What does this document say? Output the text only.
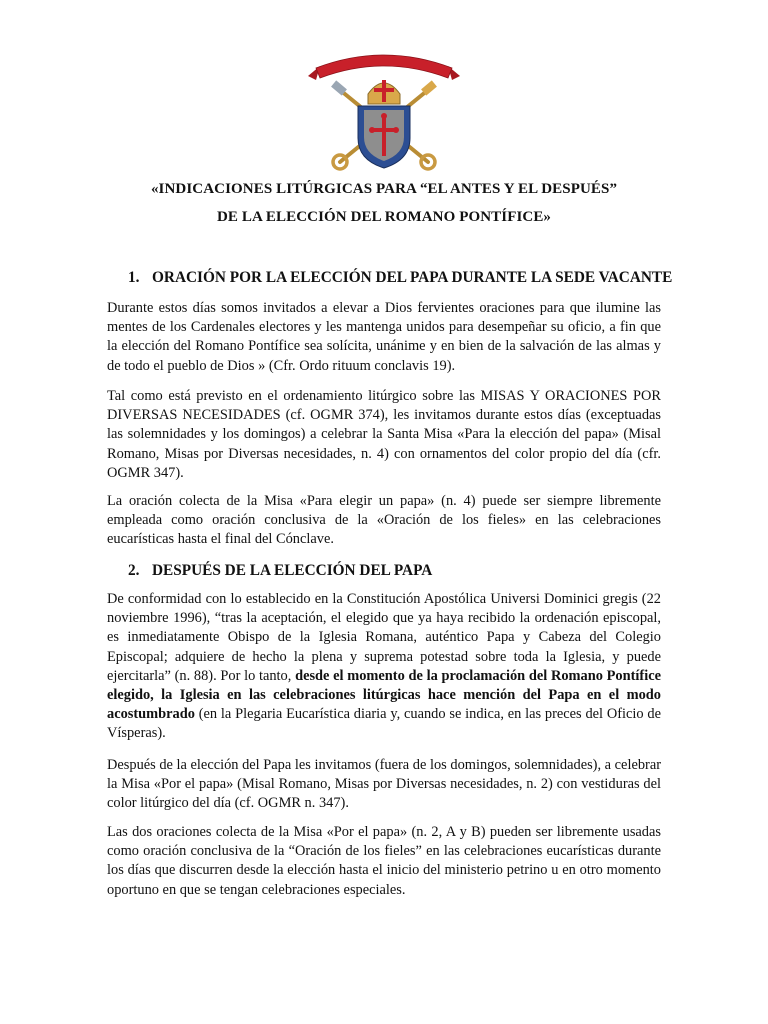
«INDICACIONES LITÚRGICAS PARA “EL ANTES Y EL DESPUÉS”
DE LA ELECCIÓN DEL ROMANO PONTÍFICE»
1. ORACIÓN POR LA ELECCIÓN DEL PAPA DURANTE LA SEDE VACANTE

Durante estos días somos invitados a elevar a Dios fervientes oraciones para que ilumine las mentes de los Cardenales electores y les mantenga unidos para desempeñar su oficio, a fin que la elección del Romano Pontífice sea solícita, unánime y en bien de la salvación de las almas y de todo el pueblo de Dios » (Cfr. Ordo rituum conclavis 19).

Tal como está previsto en el ordenamiento litúrgico sobre las MISAS Y ORACIONES POR DIVERSAS NECESIDADES (cf. OGMR 374), les invitamos durante estos días (exceptuadas las solemnidades y los domingos) a celebrar la Santa Misa «Para la elección del papa» (Misal Romano, Misas por Diversas necesidades, n. 4) con ornamentos del color propio del día (cfr. OGMR 347).

La oración colecta de la Misa «Para elegir un papa» (n. 4) puede ser siempre libremente empleada como oración conclusiva de la «Oración de los fieles» en las celebraciones eucarísticas hasta el final del Cónclave.

2. DESPUÉS DE LA ELECCIÓN DEL PAPA

De conformidad con lo establecido en la Constitución Apostólica Universi Dominici gregis (22 noviembre 1996), “tras la aceptación, el elegido que ya haya recibido la ordenación episcopal, es inmediatamente Obispo de la Iglesia Romana, auténtico Papa y Cabeza del Colegio Episcopal; adquiere de hecho la plena y suprema potestad sobre toda la Iglesia, y puede ejercitarla” (n. 88). Por lo tanto, desde el momento de la proclamación del Romano Pontífice elegido, la Iglesia en las celebraciones litúrgicas hace mención del Papa en el modo acostumbrado (en la Plegaria Eucarística diaria y, cuando se indica, en las preces del Oficio de Vísperas).

Después de la elección del Papa les invitamos (fuera de los domingos, solemnidades), a celebrar la Misa «Por el papa» (Misal Romano, Misas por Diversas necesidades, n. 2) con vestiduras del color litúrgico del día (cf. OGMR n. 347).

Las dos oraciones colecta de la Misa «Por el papa» (n. 2, A y B) pueden ser libremente usadas como oración conclusiva de la “Oración de los fieles” en las celebraciones eucarísticas durante los días que discurren desde la elección hasta el inicio del ministerio petrino u en otro momento oportuno en que se tengan celebraciones especiales.
